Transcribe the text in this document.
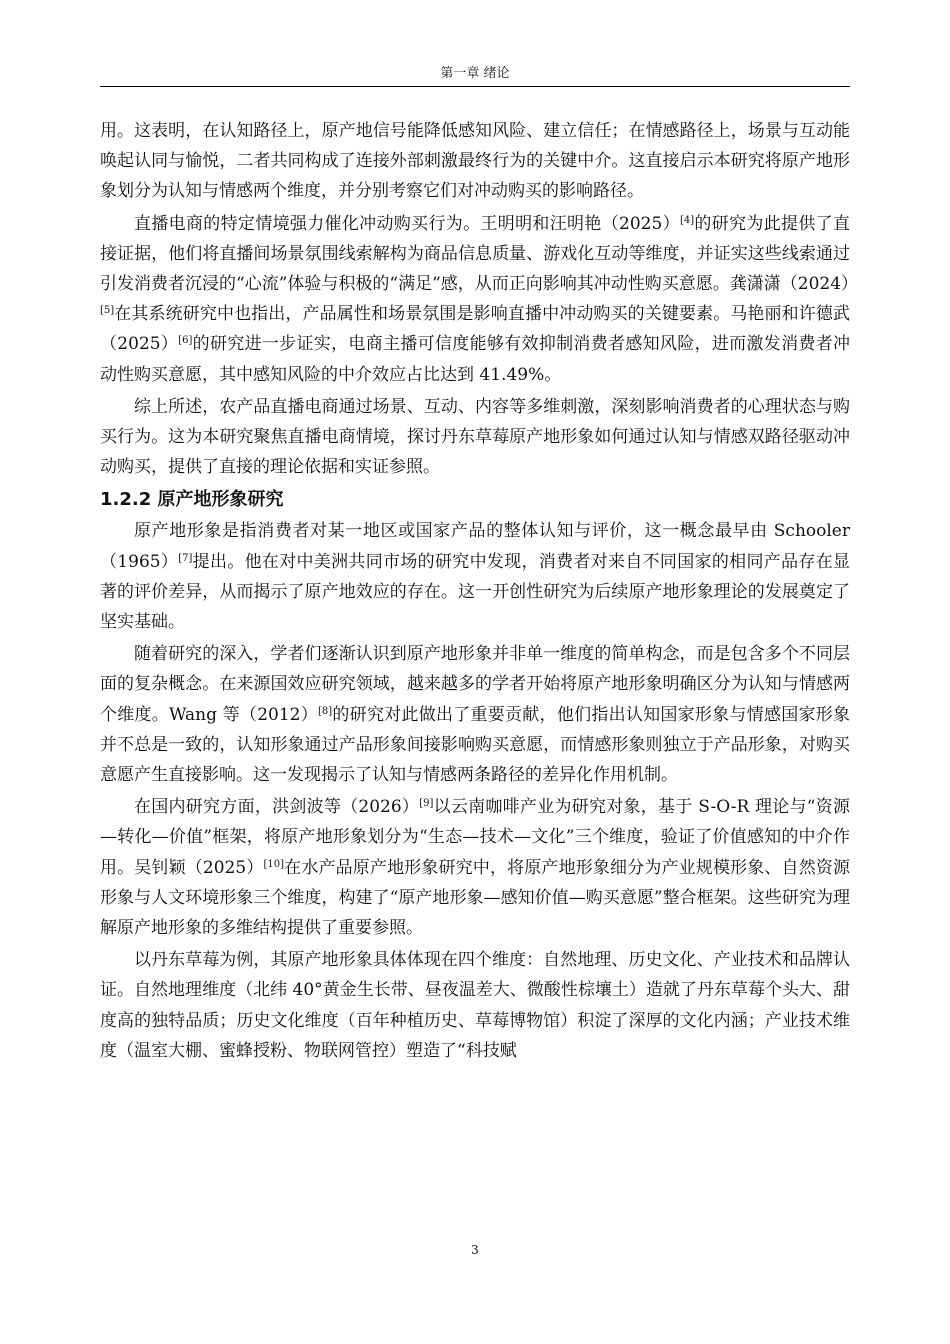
第一章 绪论

用。这表明，在认知路径上，原产地信号能降低感知风险、建立信任；在情感路径上，场景与互动能唤起认同与愉悦，二者共同构成了连接外部刺激最终行为的关键中介。这直接启示本研究将原产地形象划分为认知与情感两个维度，并分别考察它们对冲动购买的影响路径。

直播电商的特定情境强力催化冲动购买行为。王明明和汪明艳（2025）[4]的研究为此提供了直接证据，他们将直播间场景氛围线索解构为商品信息质量、游戏化互动等维度，并证实这些线索通过引发消费者沉浸的“心流”体验与积极的“满足”感，从而正向影响其冲动性购买意愿。龚潇潇（2024）[5]在其系统研究中也指出，产品属性和场景氛围是影响直播中冲动购买的关键要素。马艳丽和许德武（2025）[6]的研究进一步证实，电商主播可信度能够有效抑制消费者感知风险，进而激发消费者冲动性购买意愿，其中感知风险的中介效应占比达到 41.49%。

综上所述，农产品直播电商通过场景、互动、内容等多维刺激，深刻影响消费者的心理状态与购买行为。这为本研究聚焦直播电商情境，探讨丹东草莓原产地形象如何通过认知与情感双路径驱动冲动购买，提供了直接的理论依据和实证参照。

1.2.2 原产地形象研究

原产地形象是指消费者对某一地区或国家产品的整体认知与评价，这一概念最早由 Schooler（1965）[7]提出。他在对中美洲共同市场的研究中发现，消费者对来自不同国家的相同产品存在显著的评价差异，从而揭示了原产地效应的存在。这一开创性研究为后续原产地形象理论的发展奠定了坚实基础。

随着研究的深入，学者们逐渐认识到原产地形象并非单一维度的简单构念，而是包含多个不同层面的复杂概念。在来源国效应研究领域，越来越多的学者开始将原产地形象明确区分为认知与情感两个维度。Wang 等（2012）[8]的研究对此做出了重要贡献，他们指出认知国家形象与情感国家形象并不总是一致的，认知形象通过产品形象间接影响购买意愿，而情感形象则独立于产品形象，对购买意愿产生直接影响。这一发现揭示了认知与情感两条路径的差异化作用机制。

在国内研究方面，洪剑波等（2026）[9]以云南咖啡产业为研究对象，基于 S-O-R 理论与“资源—转化—价值”框架，将原产地形象划分为“生态—技术—文化”三个维度，验证了价值感知的中介作用。吴钊颖（2025）[10]在水产品原产地形象研究中，将原产地形象细分为产业规模形象、自然资源形象与人文环境形象三个维度，构建了“原产地形象—感知价值—购买意愿”整合框架。这些研究为理解原产地形象的多维结构提供了重要参照。

以丹东草莓为例，其原产地形象具体体现在四个维度：自然地理、历史文化、产业技术和品牌认证。自然地理维度（北纬 40°黄金生长带、昼夜温差大、微酸性棕壤土）造就了丹东草莓个头大、甜度高的独特品质；历史文化维度（百年种植历史、草莓博物馆）积淀了深厚的文化内涵；产业技术维度（温室大棚、蜜蜂授粉、物联网管控）塑造了“科技赋

3
